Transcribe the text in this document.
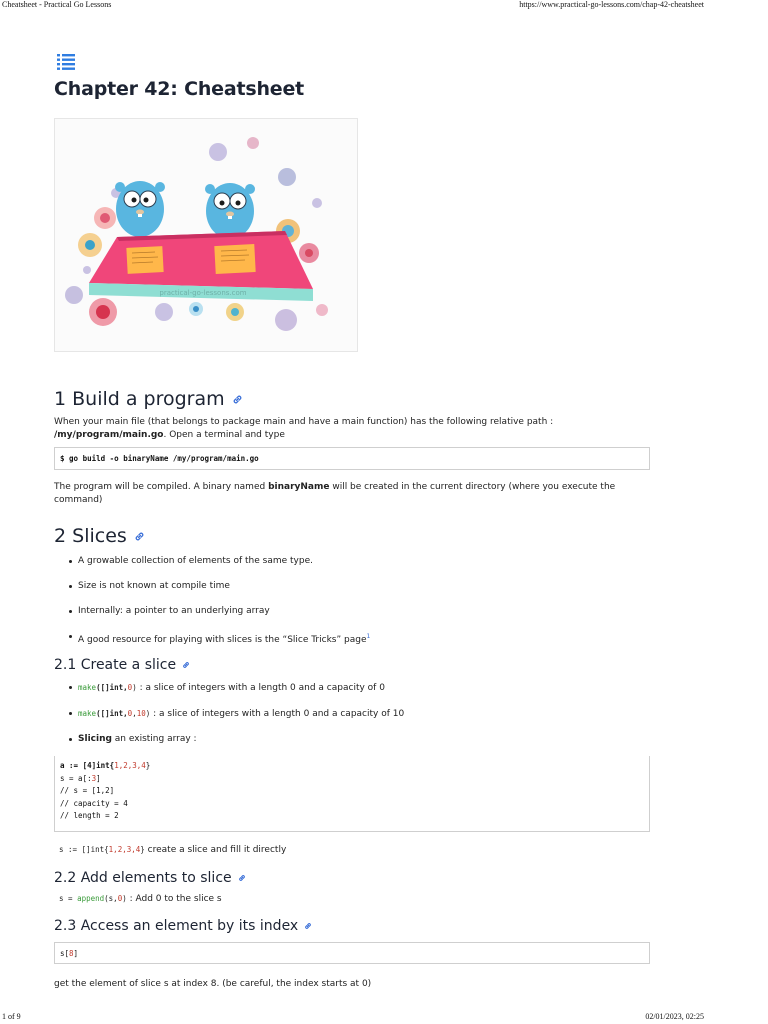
Cheatsheet - Practical Go Lessons	https://www.practical-go-lessons.com/chap-42-cheatsheet
Chapter 42: Cheatsheet
practical-go-lessons.com
1 Build a program

When your main file (that belongs to package main and have a main function) has the following relative path : /my/program/main.go. Open a terminal and type

$ go build -o binaryName /my/program/main.go

The program will be compiled. A binary named binaryName will be created in the current directory (where you execute the command)

2 Slices
A growable collection of elements of the same type.
Size is not known at compile time
Internally: a pointer to an underlying array
A good resource for playing with slices is the “Slice Tricks” page$^1$
2.1 Create a slice
make([]int,0) : a slice of integers with a length 0 and a capacity of 0
make([]int,0,10) : a slice of integers with a length 0 and a capacity of 10
Slicing an existing array :
a := [4]int{1,2,3,4}
s = a[:3]
// s = [1,2]
// capacity = 4
// length = 2

s := []int{1,2,3,4} create a slice and fill it directly

2.2 Add elements to slice

s = append(s,0) : Add 0 to the slice s

2.3 Access an element by its index
s[8]

get the element of slice s at index 8. (be careful, the index starts at 0)

1 of 9	02/01/2023, 02:25
